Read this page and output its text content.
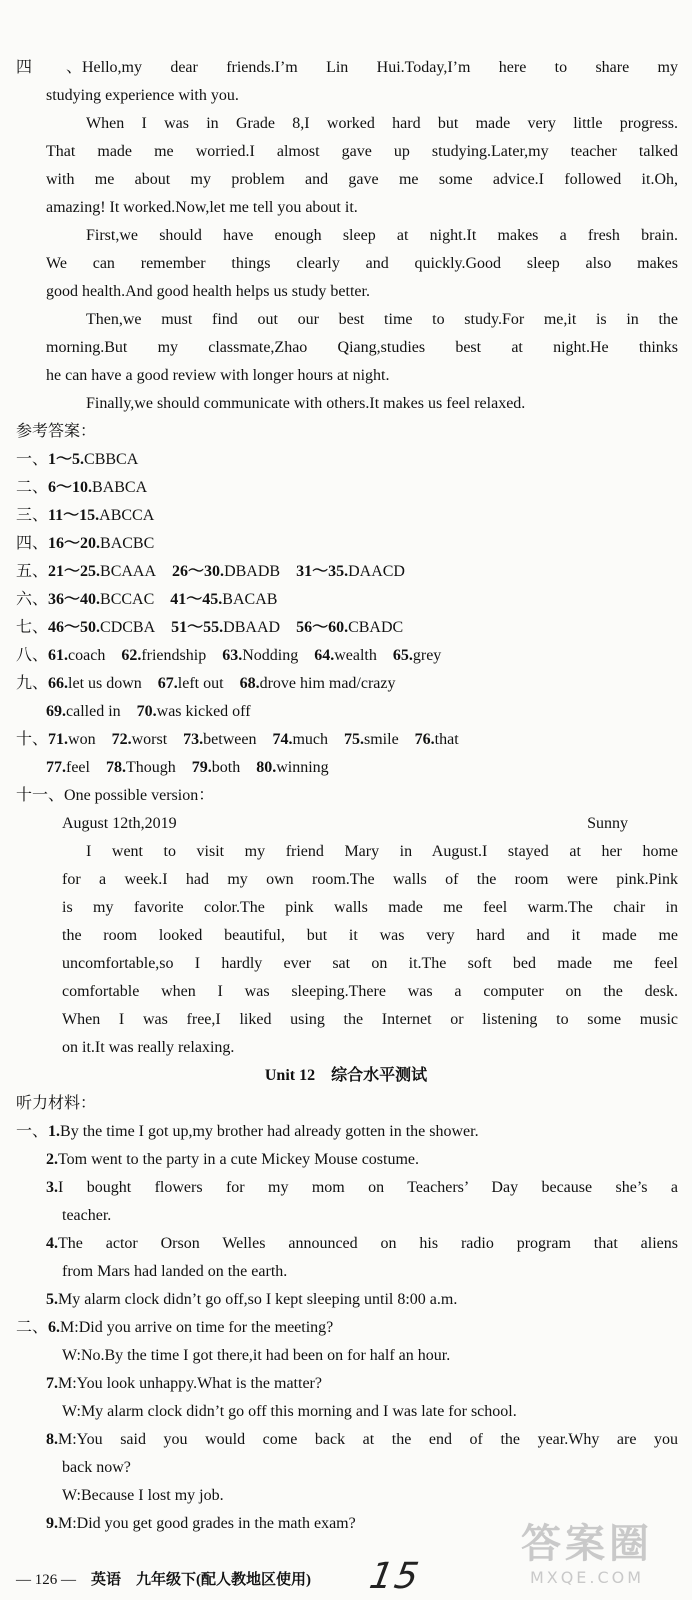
四、Hello,my dear friends.I’m Lin Hui.Today,I’m here to share my
studying experience with you.
When I was in Grade 8,I worked hard but made very little progress.
That made me worried.I almost gave up studying.Later,my teacher talked
with me about my problem and gave me some advice.I followed it.Oh,
amazing! It worked.Now,let me tell you about it.
First,we should have enough sleep at night.It makes a fresh brain.
We can remember things clearly and quickly.Good sleep also makes
good health.And good health helps us study better.
Then,we must find out our best time to study.For me,it is in the
morning.But my classmate,Zhao Qiang,studies best at night.He thinks
he can have a good review with longer hours at night.
Finally,we should communicate with others.It makes us feel relaxed.
参考答案：
一、1～5.CBBCA
二、6～10.BABCA
三、11～15.ABCCA
四、16～20.BACBC
五、21～25.BCAAA 26～30.DBADB 31～35.DAACD
六、36～40.BCCAC 41～45.BACAB
七、46～50.CDCBA 51～55.DBAAD 56～60.CBADC
八、61.coach 62.friendship 63.Nodding 64.wealth 65.grey
九、66.let us down 67.left out 68.drove him mad/crazy
69.called in 70.was kicked off
十、71.won 72.worst 73.between 74.much 75.smile 76.that
77.feel 78.Though 79.both 80.winning
十一、One possible version：
August 12th,2019	Sunny
I went to visit my friend Mary in August.I stayed at her home
for a week.I had my own room.The walls of the room were pink.Pink
is my favorite color.The pink walls made me feel warm.The chair in
the room looked beautiful, but it was very hard and it made me
uncomfortable,so I hardly ever sat on it.The soft bed made me feel
comfortable when I was sleeping.There was a computer on the desk.
When I was free,I liked using the Internet or listening to some music
on it.It was really relaxing.
Unit 12　综合水平测试
听力材料：
一、1.By the time I got up,my brother had already gotten in the shower.
2.Tom went to the party in a cute Mickey Mouse costume.
3.I bought flowers for my mom on Teachers’ Day because she’s a
teacher.
4.The actor Orson Welles announced on his radio program that aliens
from Mars had landed on the earth.
5.My alarm clock didn’t go off,so I kept sleeping until 8:00 a.m.
二、6.M:Did you arrive on time for the meeting?
W:No.By the time I got there,it had been on for half an hour.
7.M:You look unhappy.What is the matter?
W:My alarm clock didn’t go off this morning and I was late for school.
8.M:You said you would come back at the end of the year.Why are you
back now?
W:Because I lost my job.
9.M:Did you get good grades in the math exam?
— 126 —　 英语　九年级下(配人教地区使用) 15
答案圈
MXQE.COM
